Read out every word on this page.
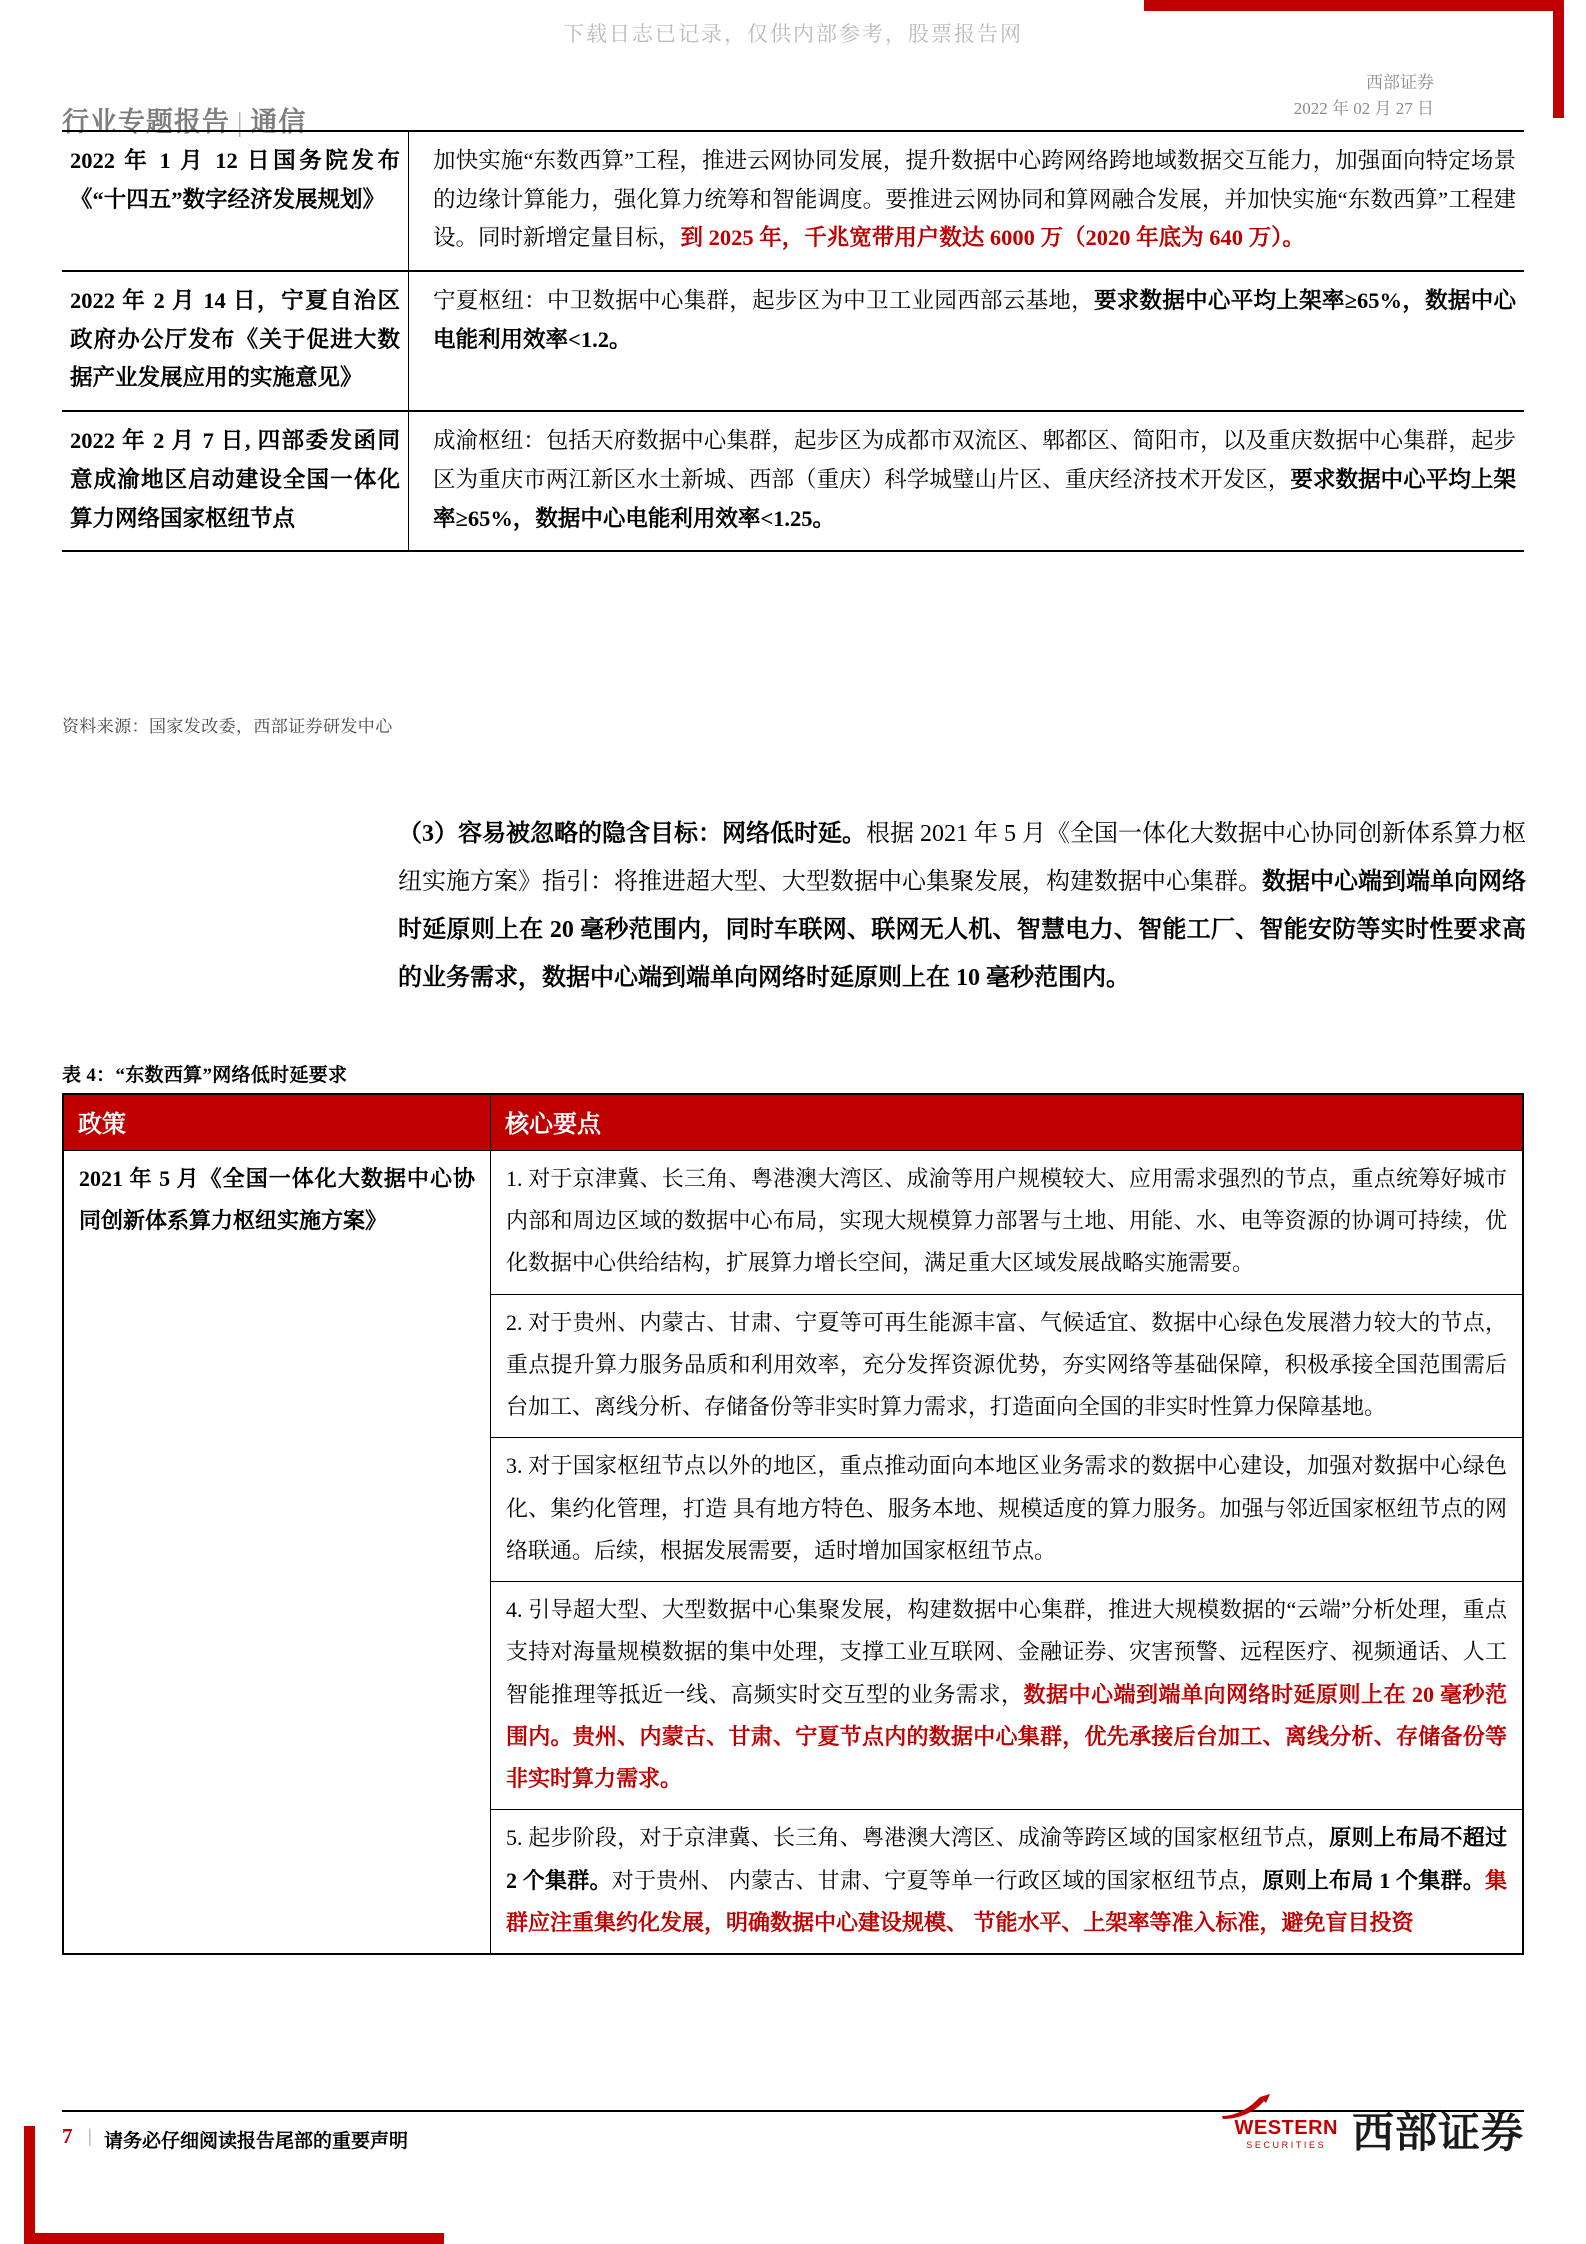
下载日志已记录，仅供内部参考，股票报告网
行业专题报告 | 通信
西部证券
2022 年 02 月 27 日
2022 年 1 月 12 日国务院发布《“十四五”数字经济发展规划》		加快实施“东数西算”工程，推进云网协同发展，提升数据中心跨网络跨地域数据交互能力，加强面向特定场景的边缘计算能力，强化算力统筹和智能调度。要推进云网协同和算网融合发展，并加快实施“东数西算”工程建设。同时新增定量目标，到 2025 年，千兆宽带用户数达 6000 万（2020 年底为 640 万）。
2022 年 2 月 14 日，宁夏自治区政府办公厅发布《关于促进大数据产业发展应用的实施意见》		宁夏枢纽：中卫数据中心集群，起步区为中卫工业园西部云基地，要求数据中心平均上架率≥65%，数据中心电能利用效率<1.2。
2022 年 2 月 7 日, 四部委发函同意成渝地区启动建设全国一体化算力网络国家枢纽节点		成渝枢纽：包括天府数据中心集群，起步区为成都市双流区、郫都区、简阳市，以及重庆数据中心集群，起步区为重庆市两江新区水土新城、西部（重庆）科学城璧山片区、重庆经济技术开发区，要求数据中心平均上架率≥65%，数据中心电能利用效率<1.25。
资料来源：国家发改委，西部证券研发中心
（3）容易被忽略的隐含目标：网络低时延。根据 2021 年 5 月《全国一体化大数据中心协同创新体系算力枢纽实施方案》指引：将推进超大型、大型数据中心集聚发展，构建数据中心集群。数据中心端到端单向网络时延原则上在 20 毫秒范围内，同时车联网、联网无人机、智慧电力、智能工厂、智能安防等实时性要求高的业务需求，数据中心端到端单向网络时延原则上在 10 毫秒范围内。
表 4：“东数西算”网络低时延要求
政策	核心要点
2021 年 5 月《全国一体化大数据中心协同创新体系算力枢纽实施方案》	1. 对于京津冀、长三角、粤港澳大湾区、成渝等用户规模较大、应用需求强烈的节点，重点统筹好城市内部和周边区域的数据中心布局，实现大规模算力部署与土地、用能、水、电等资源的协调可持续，优化数据中心供给结构，扩展算力增长空间，满足重大区域发展战略实施需要。
	2. 对于贵州、内蒙古、甘肃、宁夏等可再生能源丰富、气候适宜、数据中心绿色发展潜力较大的节点，重点提升算力服务品质和利用效率，充分发挥资源优势，夯实网络等基础保障，积极承接全国范围需后台加工、离线分析、存储备份等非实时算力需求，打造面向全国的非实时性算力保障基地。
	3. 对于国家枢纽节点以外的地区，重点推动面向本地区业务需求的数据中心建设，加强对数据中心绿色化、集约化管理，打造 具有地方特色、服务本地、规模适度的算力服务。加强与邻近国家枢纽节点的网络联通。后续，根据发展需要，适时增加国家枢纽节点。
	4. 引导超大型、大型数据中心集聚发展，构建数据中心集群，推进大规模数据的“云端”分析处理，重点支持对海量规模数据的集中处理，支撑工业互联网、金融证券、灾害预警、远程医疗、视频通话、人工智能推理等抵近一线、高频实时交互型的业务需求，数据中心端到端单向网络时延原则上在 20 毫秒范围内。贵州、内蒙古、甘肃、宁夏节点内的数据中心集群，优先承接后台加工、离线分析、存储备份等非实时算力需求。
	5. 起步阶段，对于京津冀、长三角、粤港澳大湾区、成渝等跨区域的国家枢纽节点，原则上布局不超过 2 个集群。对于贵州、 内蒙古、甘肃、宁夏等单一行政区域的国家枢纽节点，原则上布局 1 个集群。集群应注重集约化发展，明确数据中心建设规模、 节能水平、上架率等准入标准，避免盲目投资
7 | 请务必仔细阅读报告尾部的重要声明
WESTERN
SECURITIES 西部证券
